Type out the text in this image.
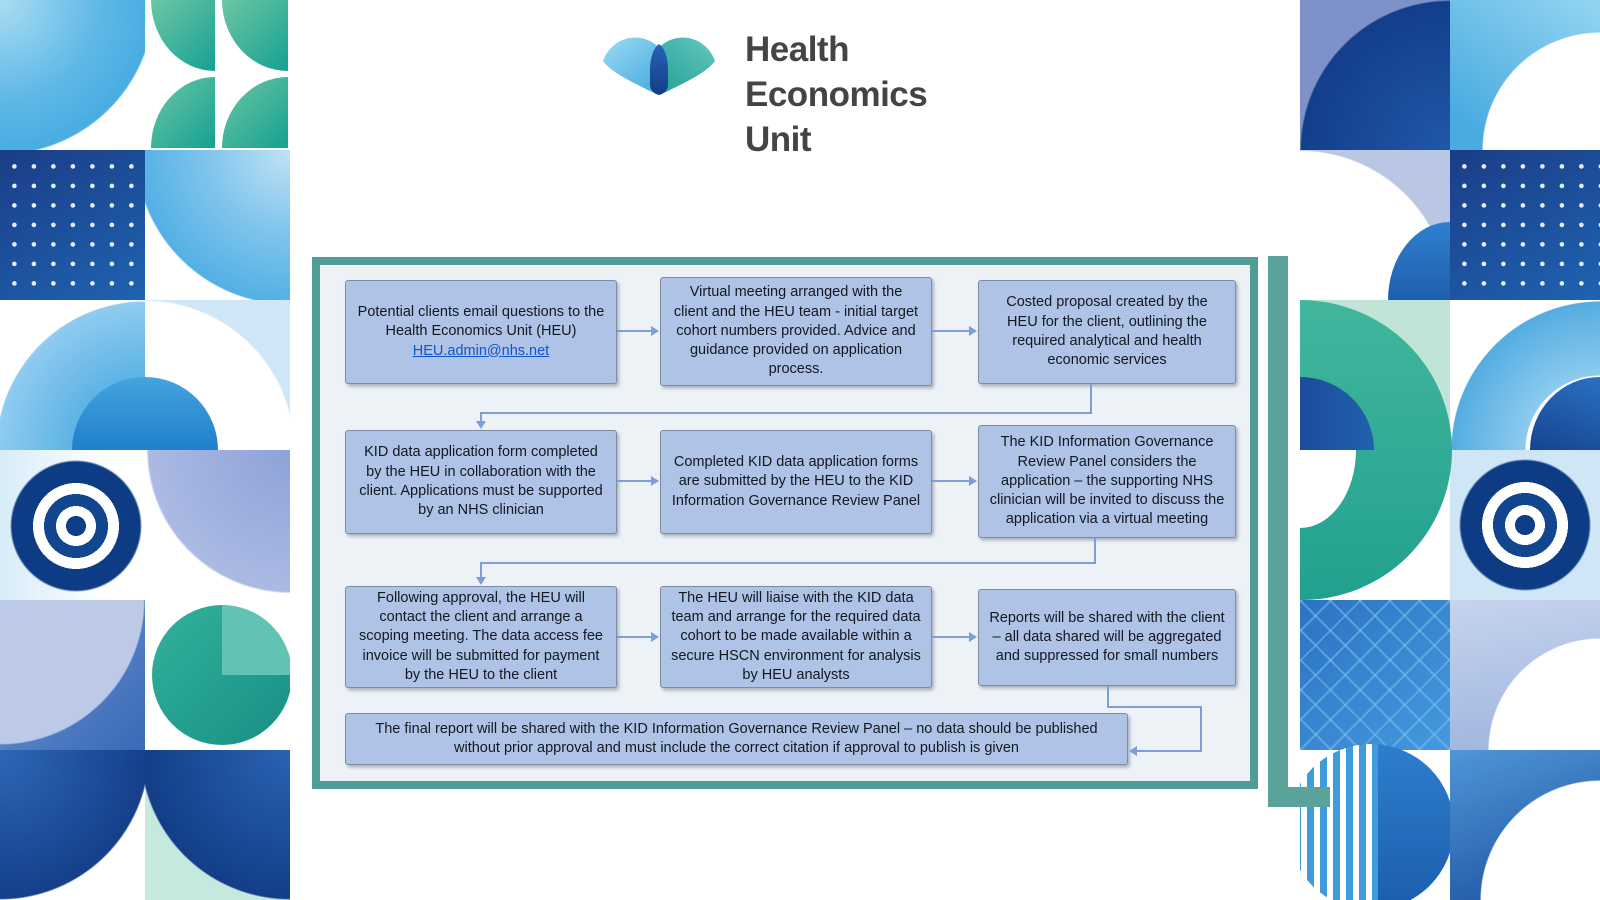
Health
Economics
Unit
Potential clients email questions to the Health Economics Unit (HEU)
HEU.admin@nhs.net
Virtual meeting arranged with the client and the HEU team - initial target cohort numbers provided. Advice and guidance provided on application process.
Costed proposal created by the HEU for the client, outlining the required analytical and health economic services
KID data application form completed by the HEU in collaboration with the client. Applications must be supported by an NHS clinician
Completed KID data application forms are submitted by the HEU to the KID Information Governance Review Panel
The KID Information Governance Review Panel considers the application – the supporting NHS clinician will be invited to discuss the application via a virtual meeting
Following approval, the HEU will contact the client and arrange a scoping meeting. The data access fee invoice will be submitted for payment by the HEU to the client
The HEU will liaise with the KID data team and arrange for the required data cohort to be made available within a secure HSCN environment for analysis by HEU analysts
Reports will be shared with the client – all data shared will be aggregated and suppressed for small numbers
The final report will be shared with the KID Information Governance Review Panel – no data should be published without prior approval and must include the correct citation if approval to publish is given
